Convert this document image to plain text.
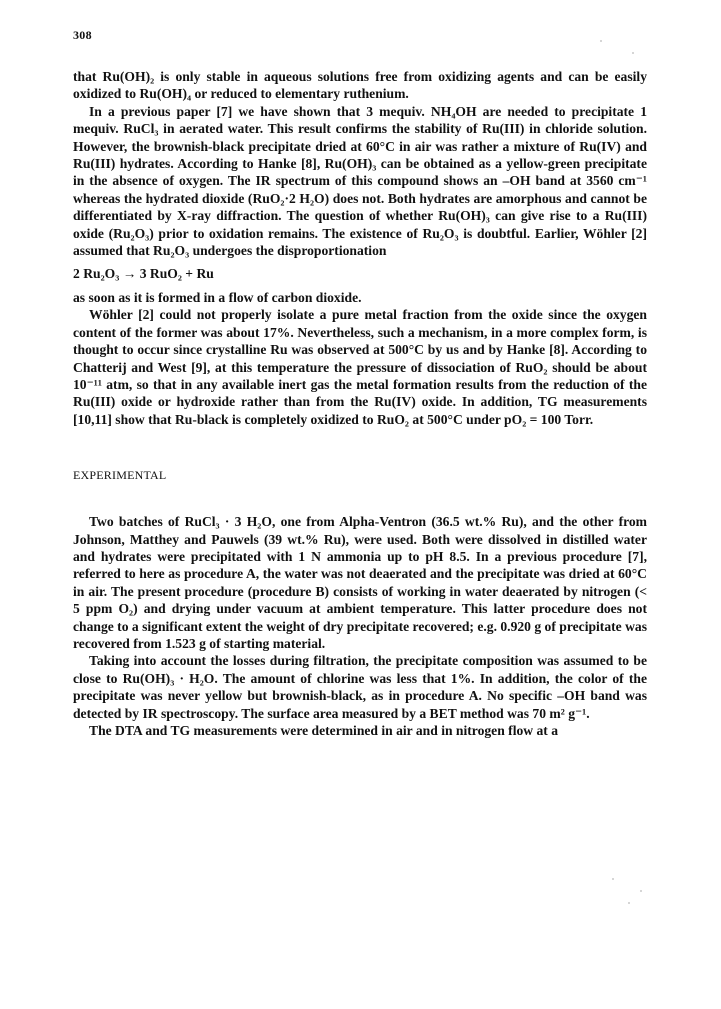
308

that Ru(OH)₂ is only stable in aqueous solutions free from oxidizing agents and can be easily oxidized to Ru(OH)₄ or reduced to elementary ruthenium.

In a previous paper [7] we have shown that 3 mequiv. NH₄OH are needed to precipitate 1 mequiv. RuCl₃ in aerated water. This result confirms the stability of Ru(III) in chloride solution. However, the brownish-black precipitate dried at 60°C in air was rather a mixture of Ru(IV) and Ru(III) hydrates. According to Hanke [8], Ru(OH)₃ can be obtained as a yellow-green precipitate in the absence of oxygen. The IR spectrum of this compound shows an –OH band at 3560 cm⁻¹ whereas the hydrated dioxide (RuO₂·2 H₂O) does not. Both hydrates are amorphous and cannot be differentiated by X-ray diffraction. The question of whether Ru(OH)₃ can give rise to a Ru(III) oxide (Ru₂O₃) prior to oxidation remains. The existence of Ru₂O₃ is doubtful. Earlier, Wöhler [2] assumed that Ru₂O₃ undergoes the disproportionation

2 Ru₂O₃ → 3 RuO₂ + Ru

as soon as it is formed in a flow of carbon dioxide.

Wöhler [2] could not properly isolate a pure metal fraction from the oxide since the oxygen content of the former was about 17%. Nevertheless, such a mechanism, in a more complex form, is thought to occur since crystalline Ru was observed at 500°C by us and by Hanke [8]. According to Chatterij and West [9], at this temperature the pressure of dissociation of RuO₂ should be about 10⁻¹¹ atm, so that in any available inert gas the metal formation results from the reduction of the Ru(III) oxide or hydroxide rather than from the Ru(IV) oxide. In addition, TG measurements [10,11] show that Ru-black is completely oxidized to RuO₂ at 500°C under pO₂ = 100 Torr.

EXPERIMENTAL

Two batches of RuCl₃ · 3 H₂O, one from Alpha-Ventron (36.5 wt.% Ru), and the other from Johnson, Matthey and Pauwels (39 wt.% Ru), were used. Both were dissolved in distilled water and hydrates were precipitated with 1 N ammonia up to pH 8.5. In a previous procedure [7], referred to here as procedure A, the water was not deaerated and the precipitate was dried at 60°C in air. The present procedure (procedure B) consists of working in water deaerated by nitrogen (< 5 ppm O₂) and drying under vacuum at ambient temperature. This latter procedure does not change to a significant extent the weight of dry precipitate recovered; e.g. 0.920 g of precipitate was recovered from 1.523 g of starting material.

Taking into account the losses during filtration, the precipitate composition was assumed to be close to Ru(OH)₃ · H₂O. The amount of chlorine was less that 1%. In addition, the color of the precipitate was never yellow but brownish-black, as in procedure A. No specific –OH band was detected by IR spectroscopy. The surface area measured by a BET method was 70 m² g⁻¹.

The DTA and TG measurements were determined in air and in nitrogen flow at a
